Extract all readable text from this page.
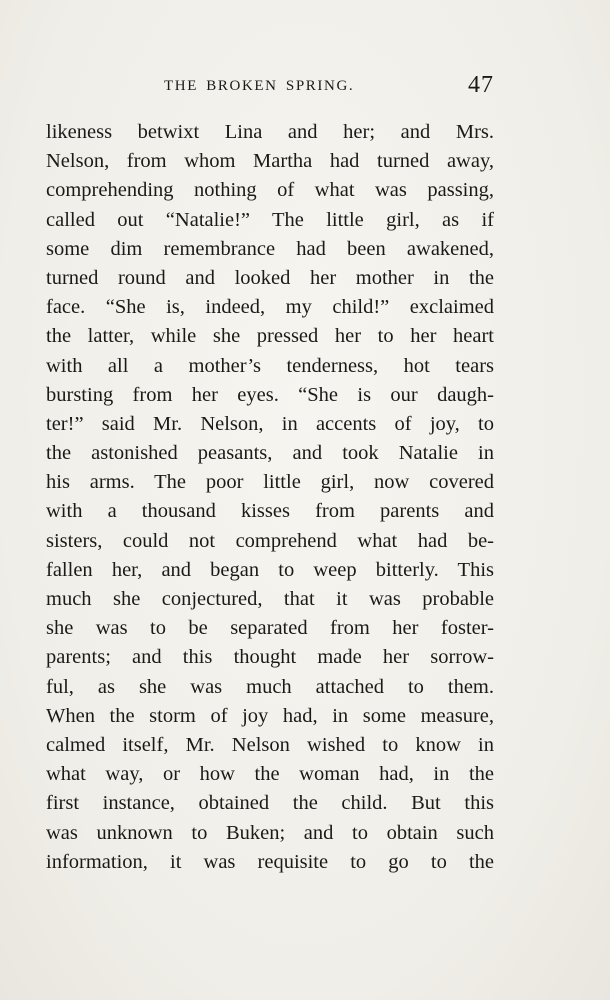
THE BROKEN SPRING.	47
likeness betwixt Lina and her; and Mrs.
Nelson, from whom Martha had turned away,
comprehending nothing of what was passing,
called out “Natalie!” The little girl, as if
some dim remembrance had been awakened,
turned round and looked her mother in the
face. “She is, indeed, my child!” exclaimed
the latter, while she pressed her to her heart
with all a mother’s tenderness, hot tears
bursting from her eyes. “She is our daugh-
ter!” said Mr. Nelson, in accents of joy, to
the astonished peasants, and took Natalie in
his arms. The poor little girl, now covered
with a thousand kisses from parents and
sisters, could not comprehend what had be-
fallen her, and began to weep bitterly. This
much she conjectured, that it was probable
she was to be separated from her foster-
parents; and this thought made her sorrow-
ful, as she was much attached to them.
When the storm of joy had, in some measure,
calmed itself, Mr. Nelson wished to know in
what way, or how the woman had, in the
first instance, obtained the child. But this
was unknown to Buken; and to obtain such
information, it was requisite to go to the
